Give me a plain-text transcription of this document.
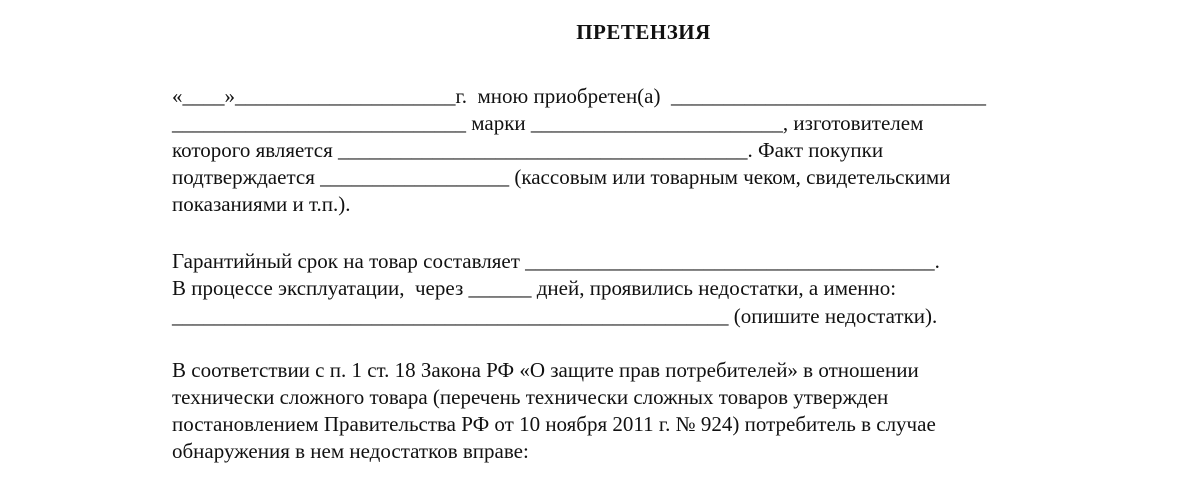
ПРЕТЕНЗИЯ
«____»_____________________г.  мною приобретен(а)  ______________________________
____________________________ марки ________________________, изготовителем
которого является _______________________________________. Факт покупки
подтверждается __________________ (кассовым или товарным чеком, свидетельскими
показаниями и т.п.).
Гарантийный срок на товар составляет _______________________________________.
В процессе эксплуатации,  через ______ дней, проявились недостатки, а именно:
_____________________________________________________ (опишите недостатки).
В соответствии с п. 1 ст. 18 Закона РФ «О защите прав потребителей» в отношении
технически сложного товара (перечень технически сложных товаров утвержден
постановлением Правительства РФ от 10 ноября 2011 г. № 924) потребитель в случае
обнаружения в нем недостатков вправе:
